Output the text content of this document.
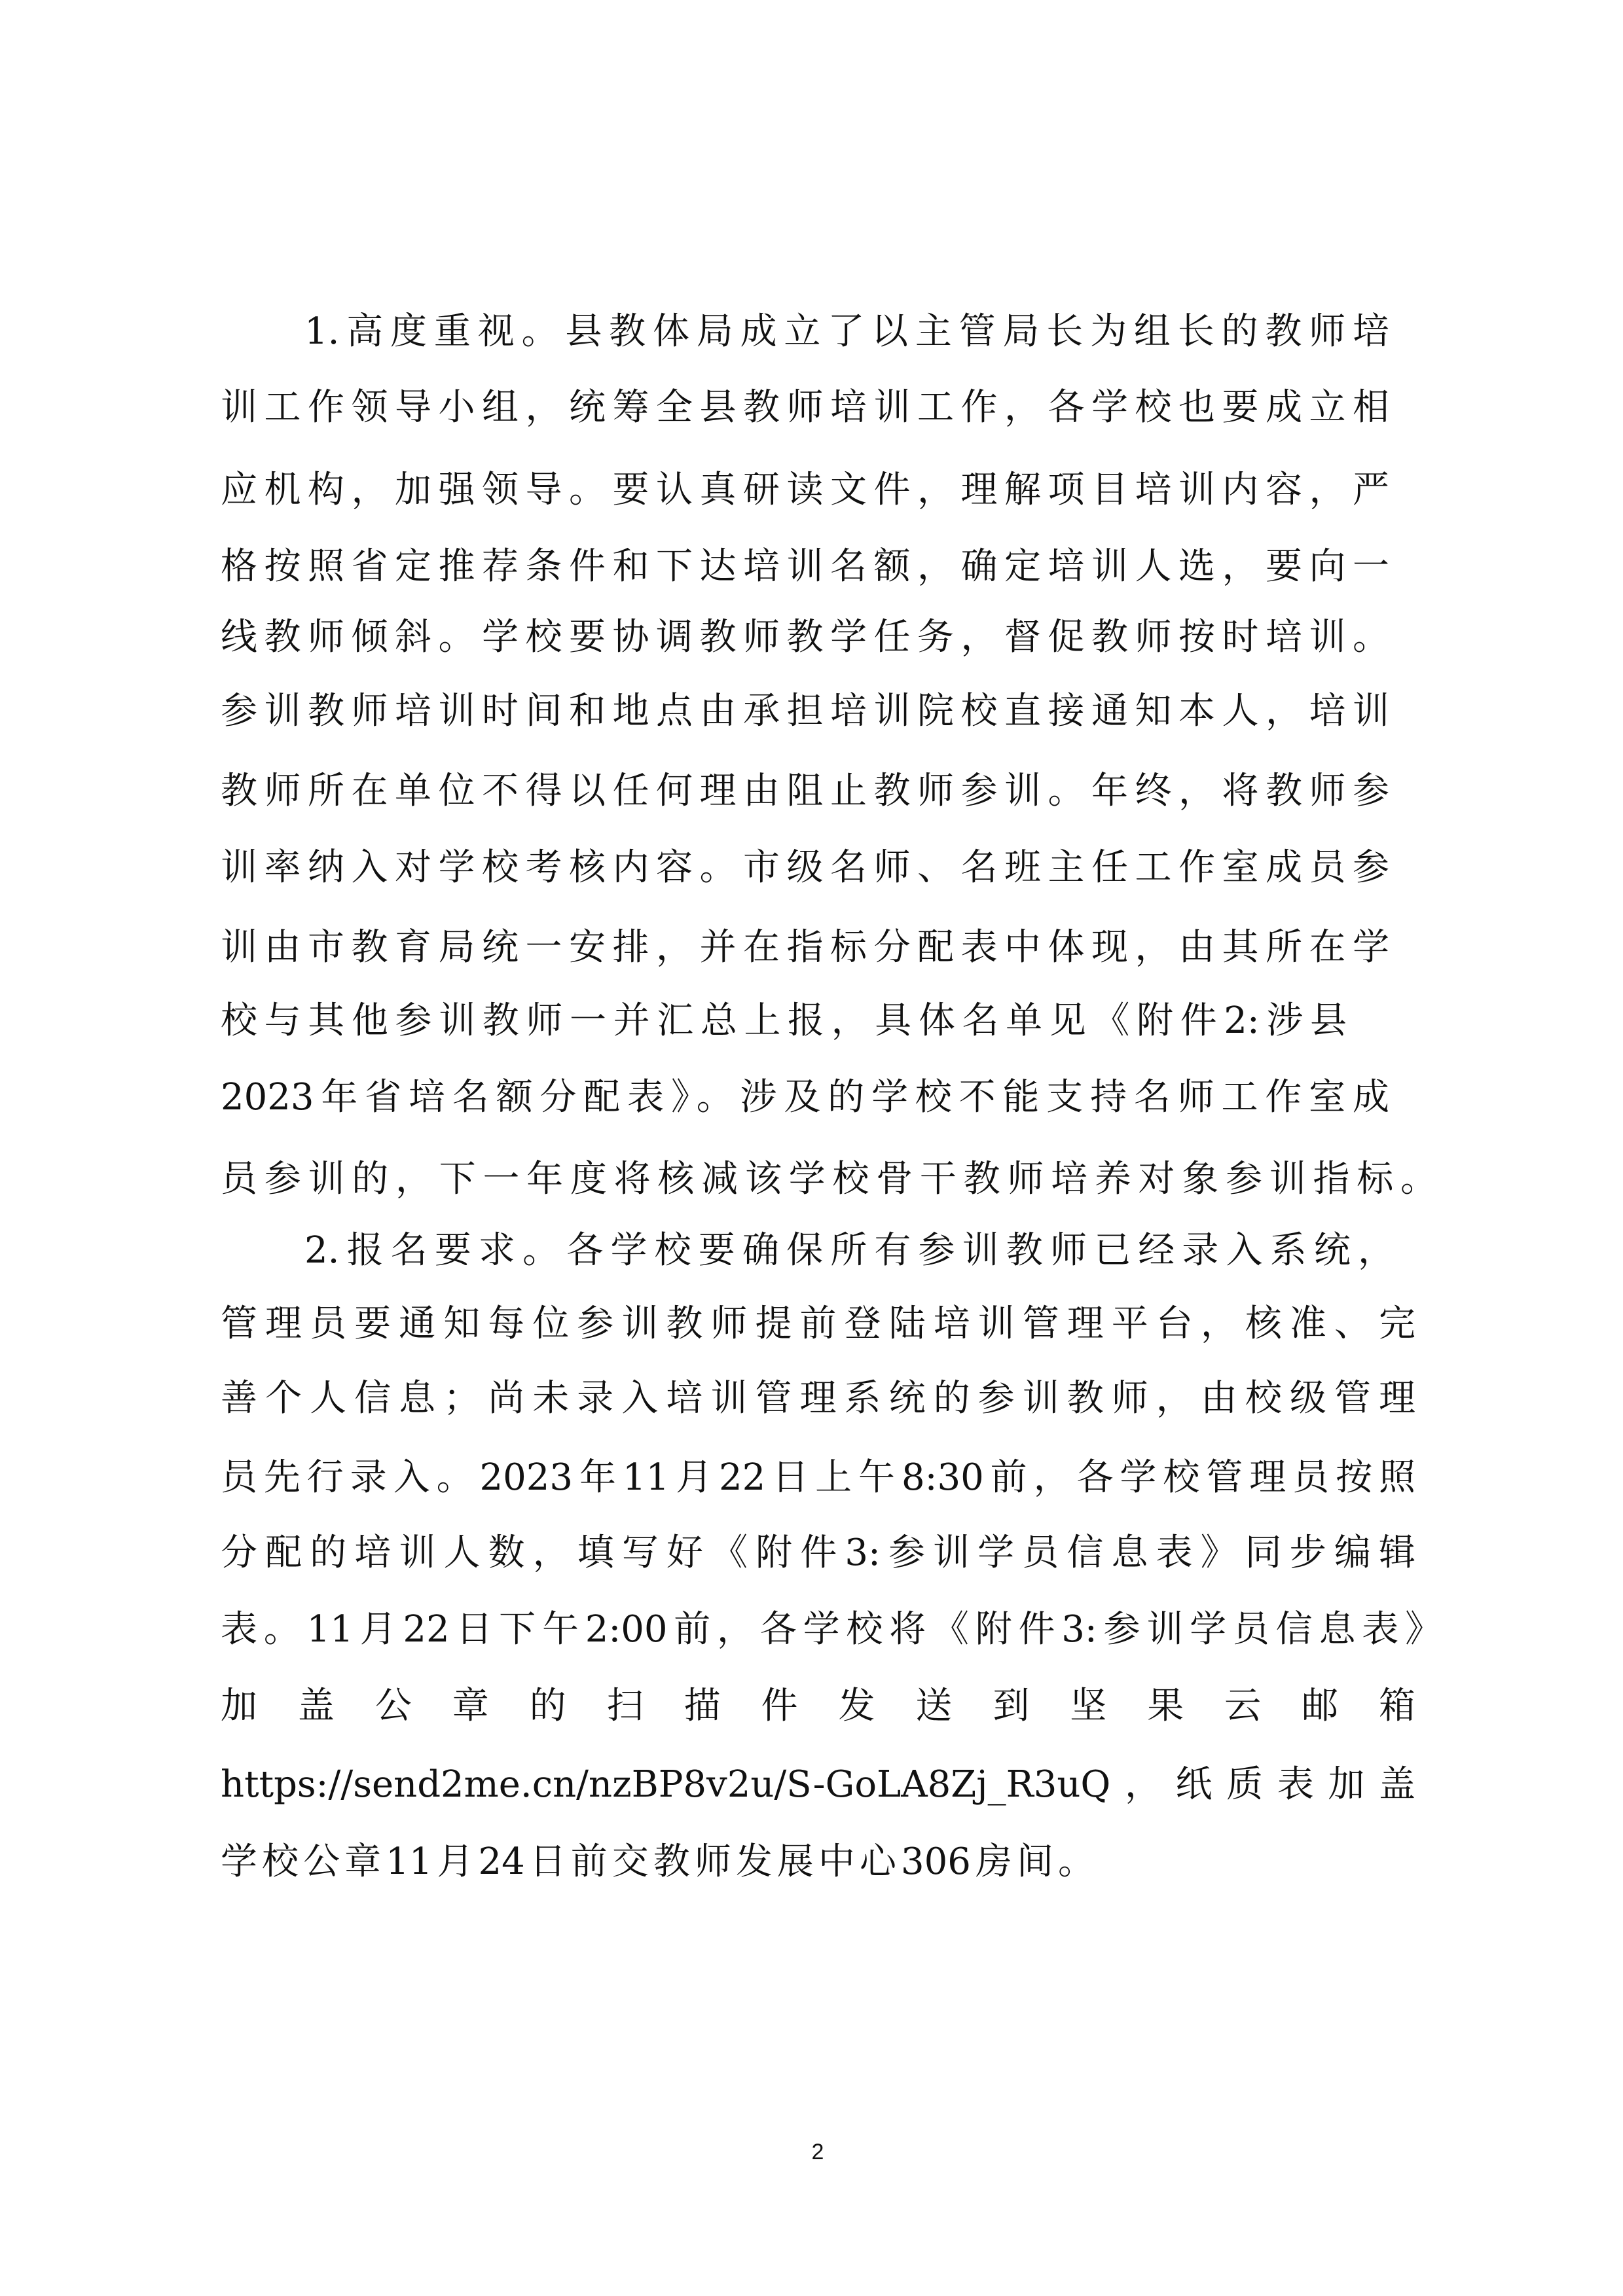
1.高度重视。县教体局成立了以主管局长为组长的教师培
训工作领导小组，统筹全县教师培训工作，各学校也要成立相
应机构，加强领导。要认真研读文件，理解项目培训内容，严
格按照省定推荐条件和下达培训名额，确定培训人选，要向一
线教师倾斜。学校要协调教师教学任务，督促教师按时培训。
参训教师培训时间和地点由承担培训院校直接通知本人，培训
教师所在单位不得以任何理由阻止教师参训。年终，将教师参
训率纳入对学校考核内容。市级名师、名班主任工作室成员参
训由市教育局统一安排，并在指标分配表中体现，由其所在学
校与其他参训教师一并汇总上报，具体名单见《附件2:涉县
2023年省培名额分配表》。涉及的学校不能支持名师工作室成
员参训的，下一年度将核减该学校骨干教师培养对象参训指标。
2.报名要求。各学校要确保所有参训教师已经录入系统，
管理员要通知每位参训教师提前登陆培训管理平台，核准、完
善个人信息；尚未录入培训管理系统的参训教师，由校级管理
员先行录入。2023年11月22日上午8:30前，各学校管理员按照
分配的培训人数，填写好《附件3:参训学员信息表》同步编辑
表。11月22日下午2:00前，各学校将《附件3:参训学员信息表》
加盖公章的扫描件发送到坚果云邮箱
https://send2me.cn/nzBP8v2u/S-GoLA8Zj_R3uQ，纸质表加盖
学校公章11月24日前交教师发展中心306房间。
2
